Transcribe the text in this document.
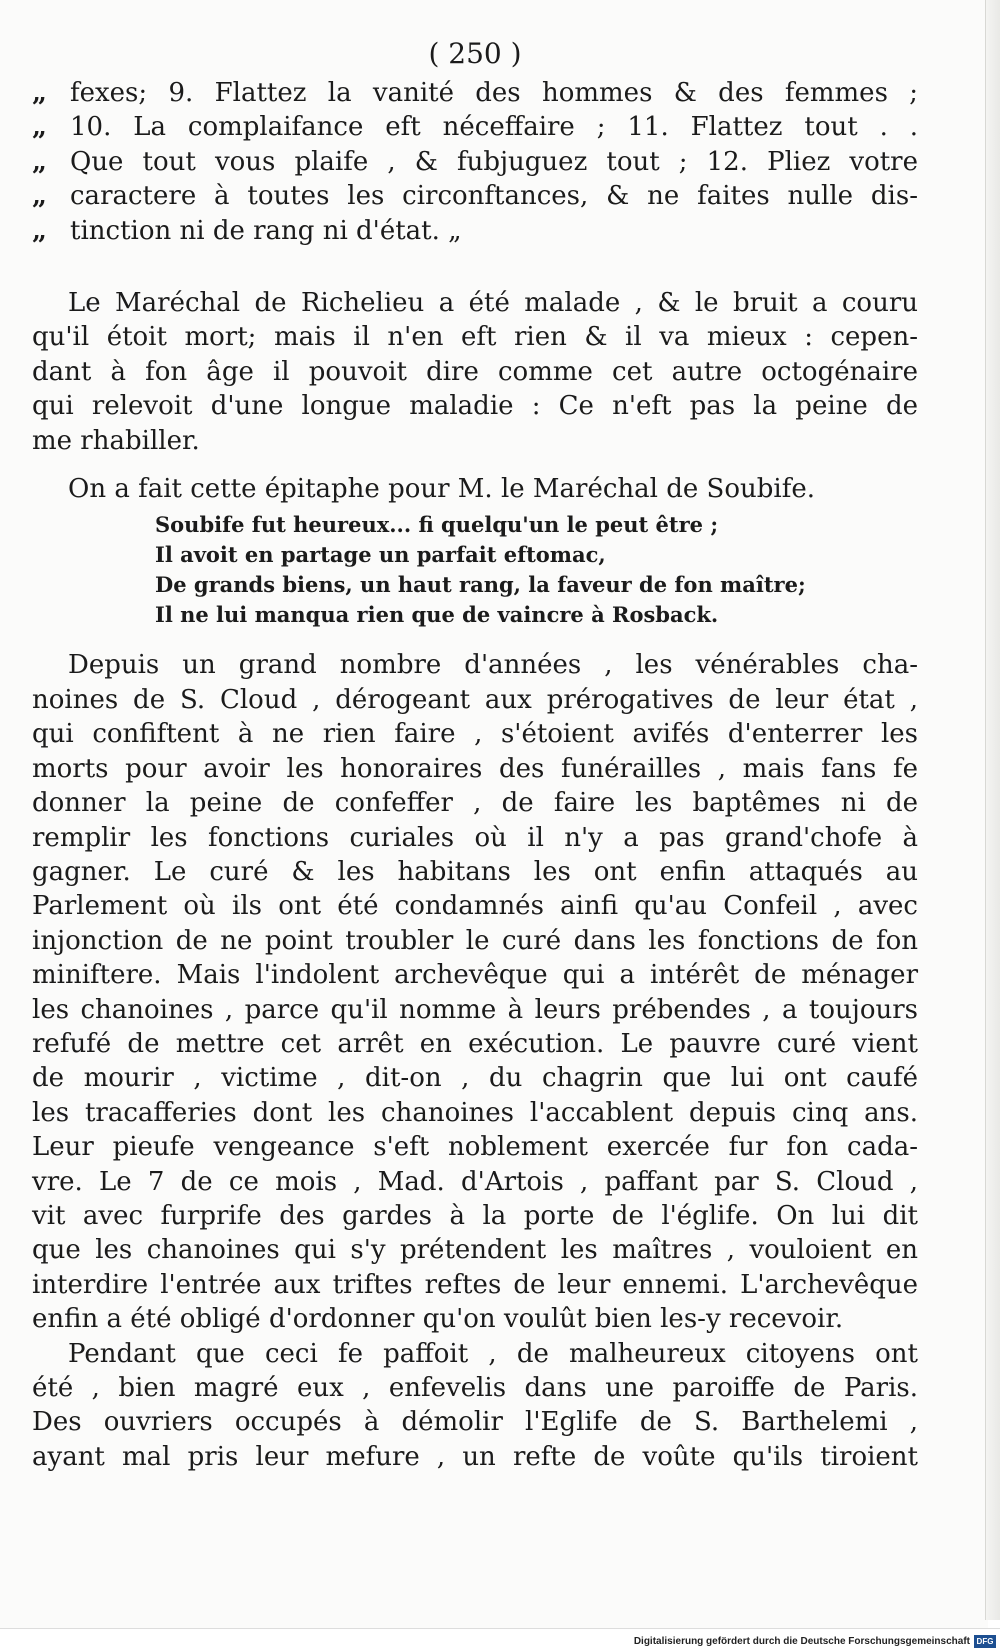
( 250 )
„ fexes; 9. Flattez la vanité des hommes & des femmes ;
„ 10. La complaifance eft néceffaire ; 11. Flattez tout . .
„ Que tout vous plaife , & fubjuguez tout ; 12. Pliez votre
„ caractere à toutes les circonftances, & ne faites nulle dis-
„ tinction ni de rang ni d'état. „
Le Maréchal de Richelieu a été malade , & le bruit a couru
qu'il étoit mort; mais il n'en eft rien & il va mieux : cepen-
dant à fon âge il pouvoit dire comme cet autre octogénaire
qui relevoit d'une longue maladie : Ce n'eft pas la peine de
me rhabiller.
On a fait cette épitaphe pour M. le Maréchal de Soubife.
Soubife fut heureux... fi quelqu'un le peut être ;
Il avoit en partage un parfait eftomac,
De grands biens, un haut rang, la faveur de fon maître;
Il ne lui manqua rien que de vaincre à Rosback.
Depuis un grand nombre d'années , les vénérables cha-
noines de S. Cloud , dérogeant aux prérogatives de leur état ,
qui confiftent à ne rien faire , s'étoient avifés d'enterrer les
morts pour avoir les honoraires des funérailles , mais fans fe
donner la peine de confeffer , de faire les baptêmes ni de
remplir les fonctions curiales où il n'y a pas grand'chofe à
gagner. Le curé & les habitans les ont enfin attaqués au
Parlement où ils ont été condamnés ainfi qu'au Confeil , avec
injonction de ne point troubler le curé dans les fonctions de fon
miniftere. Mais l'indolent archevêque qui a intérêt de ménager
les chanoines , parce qu'il nomme à leurs prébendes , a toujours
refufé de mettre cet arrêt en exécution. Le pauvre curé vient
de mourir , victime , dit-on , du chagrin que lui ont caufé
les tracafferies dont les chanoines l'accablent depuis cinq ans.
Leur pieufe vengeance s'eft noblement exercée fur fon cada-
vre. Le 7 de ce mois , Mad. d'Artois , paffant par S. Cloud ,
vit avec furprife des gardes à la porte de l'églife. On lui dit
que les chanoines qui s'y prétendent les maîtres , vouloient en
interdire l'entrée aux triftes reftes de leur ennemi. L'archevêque
enfin a été obligé d'ordonner qu'on voulût bien les-y recevoir.
Pendant que ceci fe paffoit , de malheureux citoyens ont
été , bien magré eux , enfevelis dans une paroiffe de Paris.
Des ouvriers occupés à démolir l'Eglife de S. Barthelemi ,
ayant mal pris leur mefure , un refte de voûte qu'ils tiroient
Digitalisierung gefördert durch die Deutsche Forschungsgemeinschaft DFG
